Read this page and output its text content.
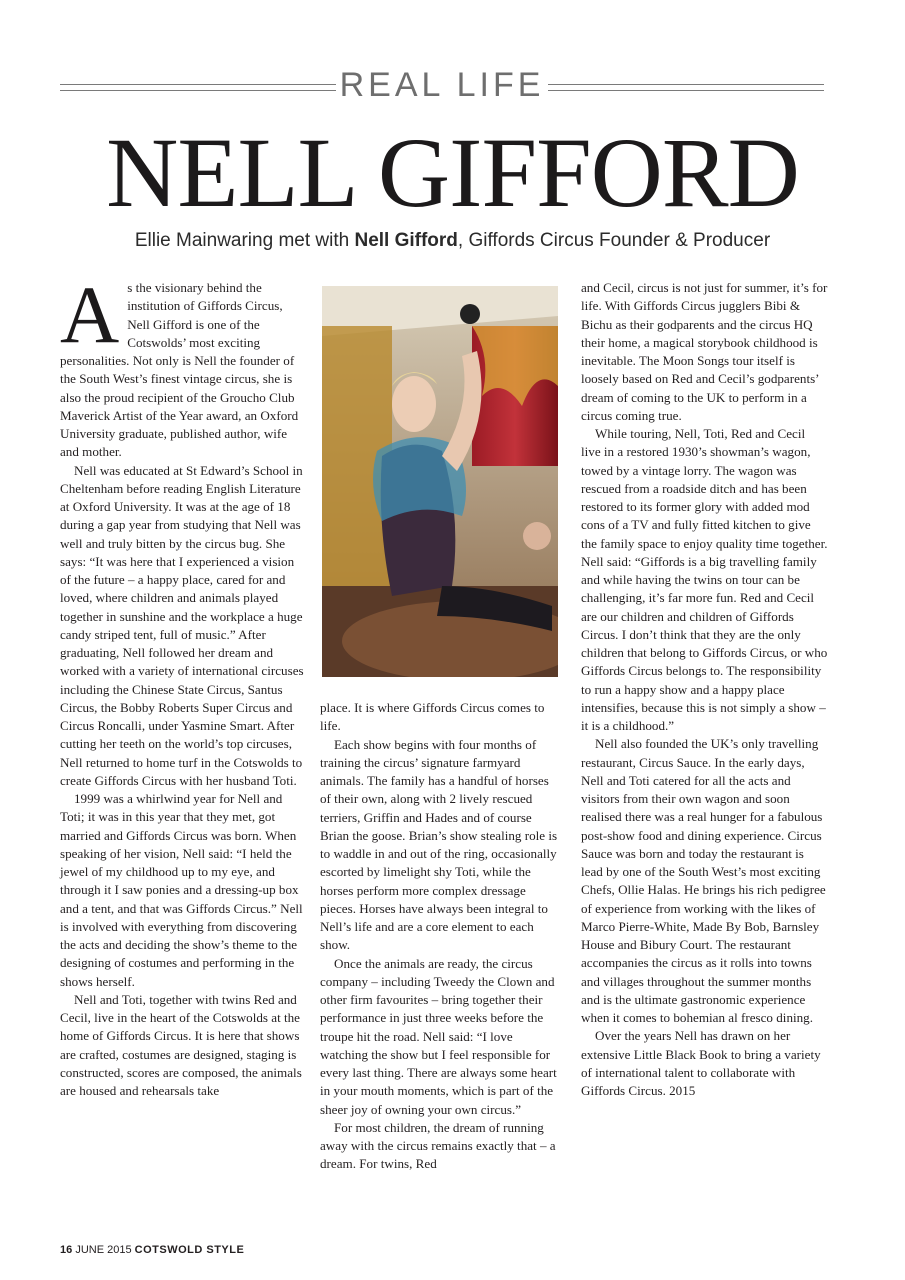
REAL LIFE
NELL GIFFORD
Ellie Mainwaring met with Nell Gifford, Giffords Circus Founder & Producer

As the visionary behind the institution of Giffords Circus, Nell Gifford is one of the Cotswolds’ most exciting personalities. Not only is Nell the founder of the South West’s finest vintage circus, she is also the proud recipient of the Groucho Club Maverick Artist of the Year award, an Oxford University graduate, published author, wife and mother.

Nell was educated at St Edward’s School in Cheltenham before reading English Literature at Oxford University. It was at the age of 18 during a gap year from studying that Nell was well and truly bitten by the circus bug. She says: “It was here that I experienced a vision of the future – a happy place, cared for and loved, where children and animals played together in sunshine and the workplace a huge candy striped tent, full of music.” After graduating, Nell followed her dream and worked with a variety of international circuses including the Chinese State Circus, Santus Circus, the Bobby Roberts Super Circus and Circus Roncalli, under Yasmine Smart. After cutting her teeth on the world’s top circuses, Nell returned to home turf in the Cotswolds to create Giffords Circus with her husband Toti.

1999 was a whirlwind year for Nell and Toti; it was in this year that they met, got married and Giffords Circus was born. When speaking of her vision, Nell said: “I held the jewel of my childhood up to my eye, and through it I saw ponies and a dressing-up box and a tent, and that was Giffords Circus.” Nell is involved with everything from discovering the acts and deciding the show’s theme to the designing of costumes and performing in the shows herself.

Nell and Toti, together with twins Red and Cecil, live in the heart of the Cotswolds at the home of Giffords Circus. It is here that shows are crafted, costumes are designed, staging is constructed, scores are composed, the animals are housed and rehearsals take

place. It is where Giffords Circus comes to life.

Each show begins with four months of training the circus’ signature farmyard animals. The family has a handful of horses of their own, along with 2 lively rescued terriers, Griffin and Hades and of course Brian the goose. Brian’s show stealing role is to waddle in and out of the ring, occasionally escorted by limelight shy Toti, while the horses perform more complex dressage pieces. Horses have always been integral to Nell’s life and are a core element to each show.

Once the animals are ready, the circus company – including Tweedy the Clown and other firm favourites – bring together their performance in just three weeks before the troupe hit the road. Nell said: “I love watching the show but I feel responsible for every last thing. There are always some heart in your mouth moments, which is part of the sheer joy of owning your own circus.”

For most children, the dream of running away with the circus remains exactly that – a dream. For twins, Red

and Cecil, circus is not just for summer, it’s for life. With Giffords Circus jugglers Bibi & Bichu as their godparents and the circus HQ their home, a magical storybook childhood is inevitable. The Moon Songs tour itself is loosely based on Red and Cecil’s godparents’ dream of coming to the UK to perform in a circus coming true.

While touring, Nell, Toti, Red and Cecil live in a restored 1930’s showman’s wagon, towed by a vintage lorry. The wagon was rescued from a roadside ditch and has been restored to its former glory with added mod cons of a TV and fully fitted kitchen to give the family space to enjoy quality time together. Nell said: “Giffords is a big travelling family and while having the twins on tour can be challenging, it’s far more fun. Red and Cecil are our children and children of Giffords Circus. I don’t think that they are the only children that belong to Giffords Circus, or who Giffords Circus belongs to. The responsibility to run a happy show and a happy place intensifies, because this is not simply a show – it is a childhood.”

Nell also founded the UK’s only travelling restaurant, Circus Sauce. In the early days, Nell and Toti catered for all the acts and visitors from their own wagon and soon realised there was a real hunger for a fabulous post-show food and dining experience. Circus Sauce was born and today the restaurant is lead by one of the South West’s most exciting Chefs, Ollie Halas. He brings his rich pedigree of experience from working with the likes of Marco Pierre-White, Made By Bob, Barnsley House and Bibury Court. The restaurant accompanies the circus as it rolls into towns and villages throughout the summer months and is the ultimate gastronomic experience when it comes to bohemian al fresco dining.

Over the years Nell has drawn on her extensive Little Black Book to bring a variety of international talent to collaborate with Giffords Circus. 2015

16 JUNE 2015 COTSWOLD STYLE
